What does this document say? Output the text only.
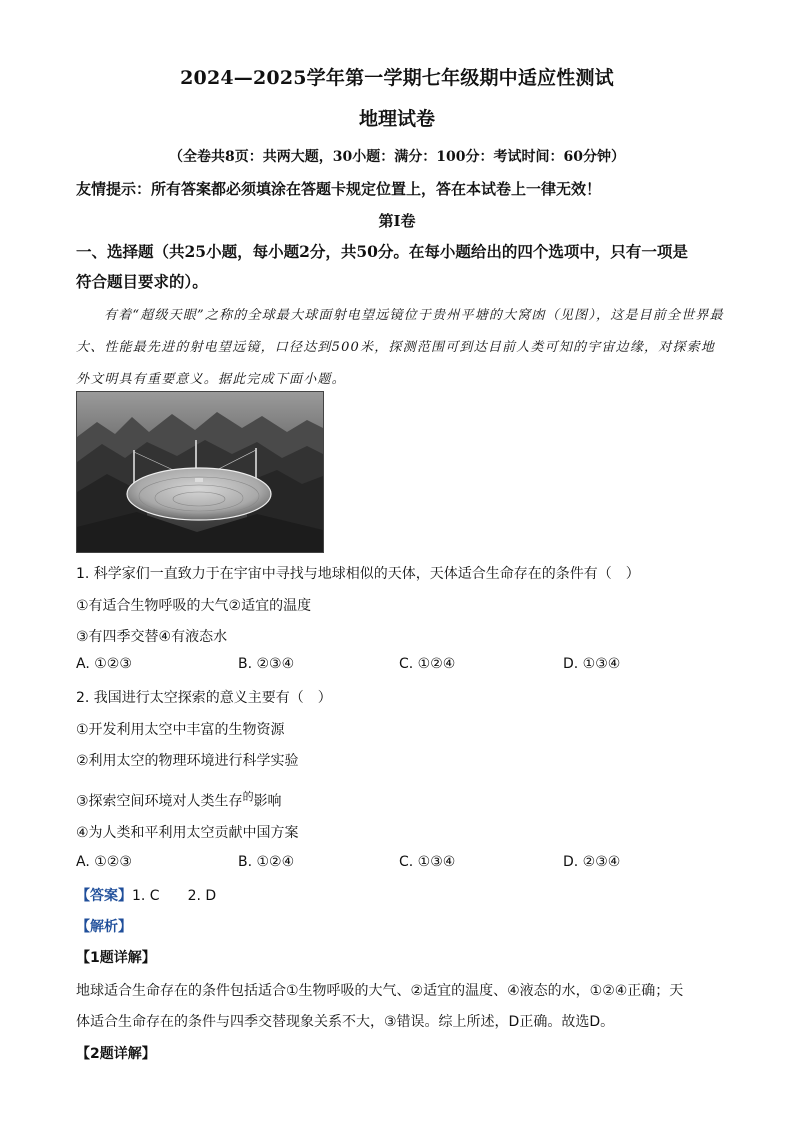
2024—2025学年第一学期七年级期中适应性测试
地理试卷
（全卷共8页：共两大题，30小题：满分：100分：考试时间：60分钟）
友情提示：所有答案都必须填涂在答题卡规定位置上，答在本试卷上一律无效！
第Ⅰ卷
一、选择题（共25小题，每小题2分，共50分。在每小题给出的四个选项中，只有一项是
符合题目要求的）。
有着“超级天眼”之称的全球最大球面射电望远镜位于贵州平塘的大窝凼（见图），这是目前全世界最
大、性能最先进的射电望远镜，口径达到500米，探测范围可到达目前人类可知的宇宙边缘，对探索地
外文明具有重要意义。据此完成下面小题。
1. 科学家们一直致力于在宇宙中寻找与地球相似的天体，天体适合生命存在的条件有（　）
①有适合生物呼吸的大气②适宜的温度
③有四季交替④有液态水
A. ①②③	B. ②③④	C. ①②④	D. ①③④
2. 我国进行太空探索的意义主要有（　）
①开发利用太空中丰富的生物资源
②利用太空的物理环境进行科学实验
③探索空间环境对人类生存$^的$影响
④为人类和平利用太空贡献中国方案
A. ①②③	B. ①②④	C. ①③④	D. ②③④
【答案】1. C　　2. D
【解析】
【1题详解】
地球适合生命存在的条件包括适合①生物呼吸的大气、②适宜的温度、④液态的水，①②④正确；天
体适合生命存在的条件与四季交替现象关系不大，③错误。综上所述，D正确。故选D。
【2题详解】
